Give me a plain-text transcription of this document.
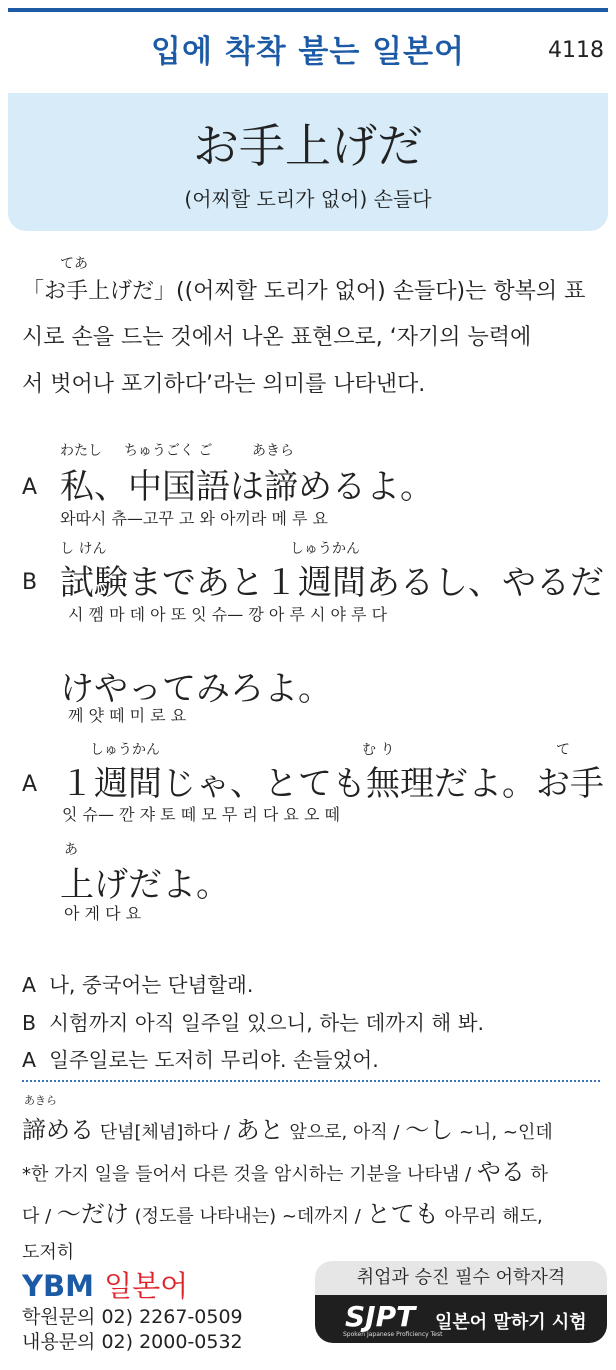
입에 착착 붙는 일본어	4118
お手上げだ
(어찌할 도리가 없어) 손들다
てあ
「お手上げだ」((어찌할 도리가 없어) 손들다)는 항복의 표
시로 손을 드는 것에서 나온 표현으로, ‘자기의 능력에
서 벗어나 포기하다’라는 의미를 나타낸다.
わたし ちゅうごく ご	あきら
A 私、中国語は諦めるよ。
와따시 츄—고꾸 고 와 아끼라 메 루 요
し けん	しゅうかん
B 試験まであと１週間あるし、やるだ
시 껨 마 데 아 또 잇 슈— 깡 아 루 시 야 루 다
けやってみろよ。
께 얏 떼 미 로 요
しゅうかん	む り	て
A １週間じゃ、とても無理だよ。お手
잇 슈— 깐 쟈 토 떼 모 무 리 다 요 오 떼
あ
上げだよ。
아 게 다 요
A 나, 중국어는 단념할래.
B 시험까지 아직 일주일 있으니, 하는 데까지 해 봐.
A 일주일로는 도저히 무리야. 손들었어.
あきら
諦める 단념[체념]하다 / あと 앞으로, 아직 / 〜し ~니, ~인데
*한 가지 일을 들어서 다른 것을 암시하는 기분을 나타냄 / やる 하
다 / 〜だけ (정도를 나타내는) ~데까지 / とても 아무리 해도,
도저히
YBM 일본어
학원문의 02) 2267-0509
내용문의 02) 2000-0532
취업과 승진 필수 어학자격
SJPT
Spoken Japanese Proficiency Test
일본어 말하기 시험
